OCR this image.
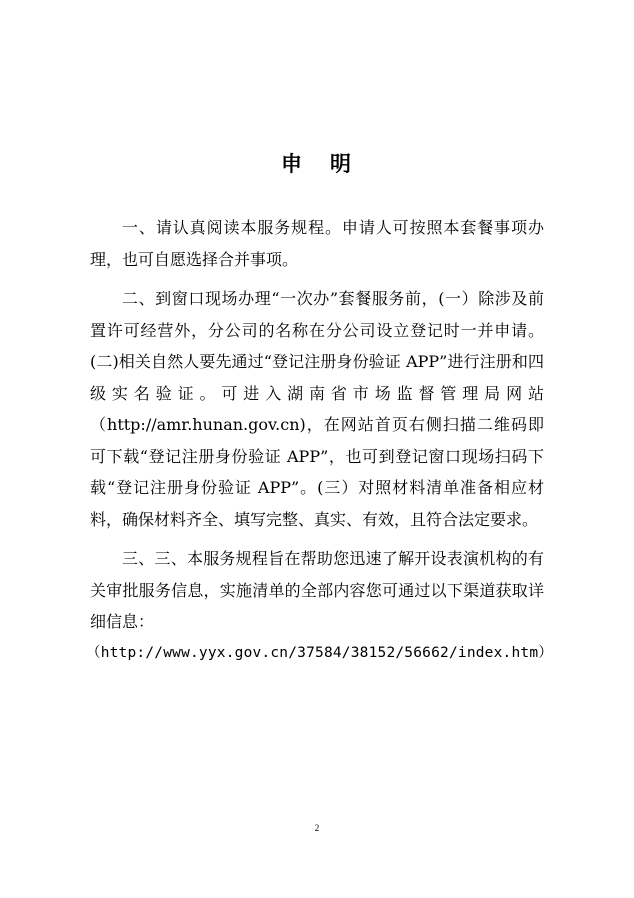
申 明

一、请认真阅读本服务规程。申请人可按照本套餐事项办理，也可自愿选择合并事项。

二、到窗口现场办理“一次办”套餐服务前，(一）除涉及前置许可经营外，分公司的名称在分公司设立登记时一并申请。(二)相关自然人要先通过“登记注册身份验证 APP”进行注册和四级实名验证。可进入湖南省市场监督管理局网站（http://amr.hunan.gov.cn)，在网站首页右侧扫描二维码即可下载“登记注册身份验证 APP”，也可到登记窗口现场扫码下载“登记注册身份验证 APP”。(三）对照材料清单准备相应材料，确保材料齐全、填写完整、真实、有效，且符合法定要求。

三、三、本服务规程旨在帮助您迅速了解开设表演机构的有关审批服务信息，实施清单的全部内容您可通过以下渠道获取详细信息：

（http://www.yyx.gov.cn/37584/38152/56662/index.htm）
2
